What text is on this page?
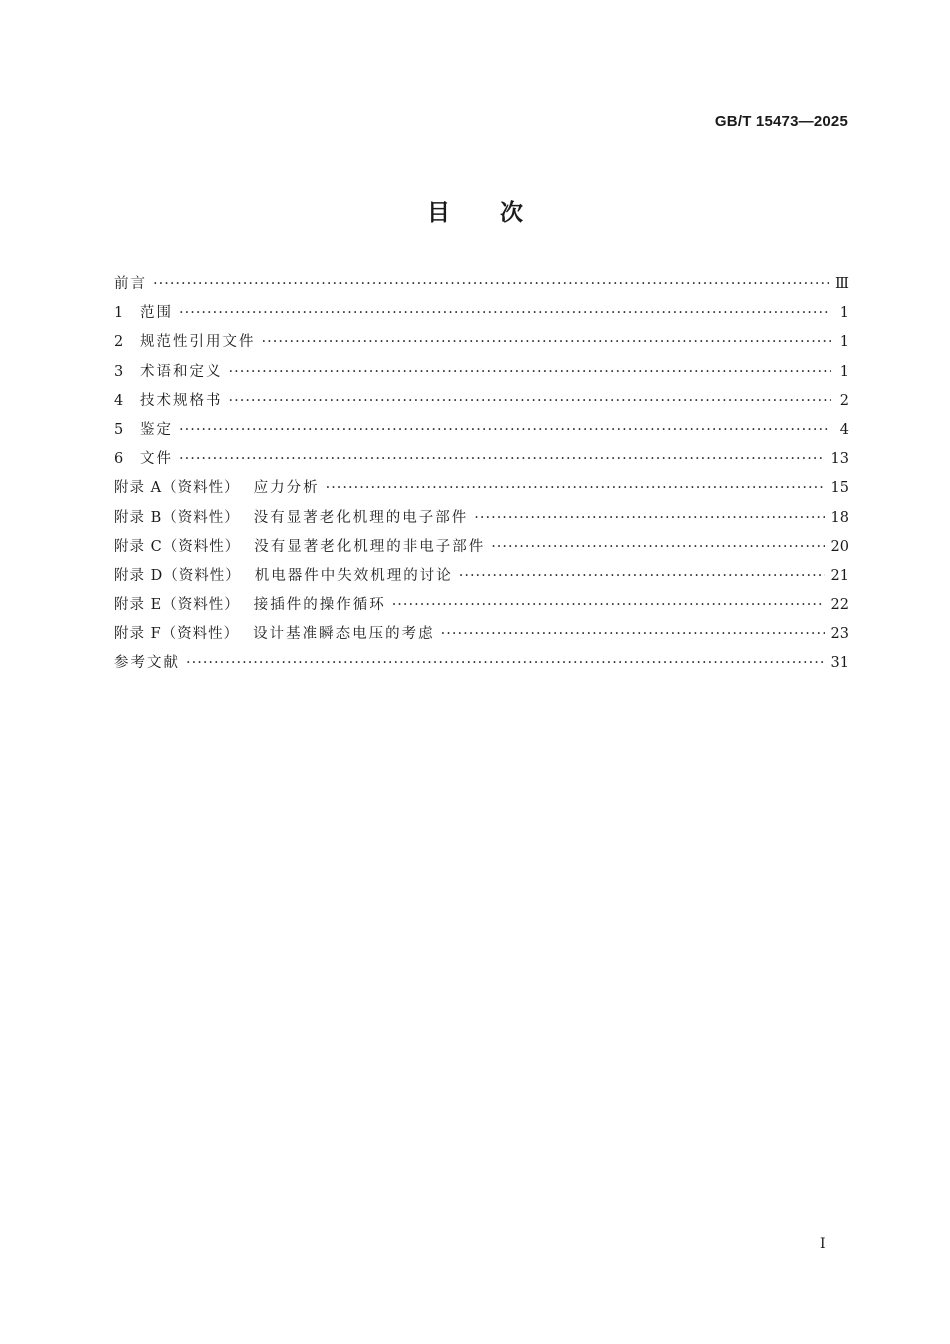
GB/T 15473—2025
目 次
前言 ·····	Ⅲ
1	范围 ·····	1
2	规范性引用文件 ·····	1
3	术语和定义 ·····	1
4	技术规格书 ·····	2
5	鉴定 ·····	4
6	文件 ·····	13
附录 A（资料性） 应力分析 ·····	15
附录 B（资料性） 没有显著老化机理的电子部件 ·····	18
附录 C（资料性） 没有显著老化机理的非电子部件 ·····	20
附录 D（资料性） 机电器件中失效机理的讨论 ·····	21
附录 E（资料性） 接插件的操作循环 ·····	22
附录 F（资料性） 设计基准瞬态电压的考虑 ·····	23
参考文献 ·····	31
I
